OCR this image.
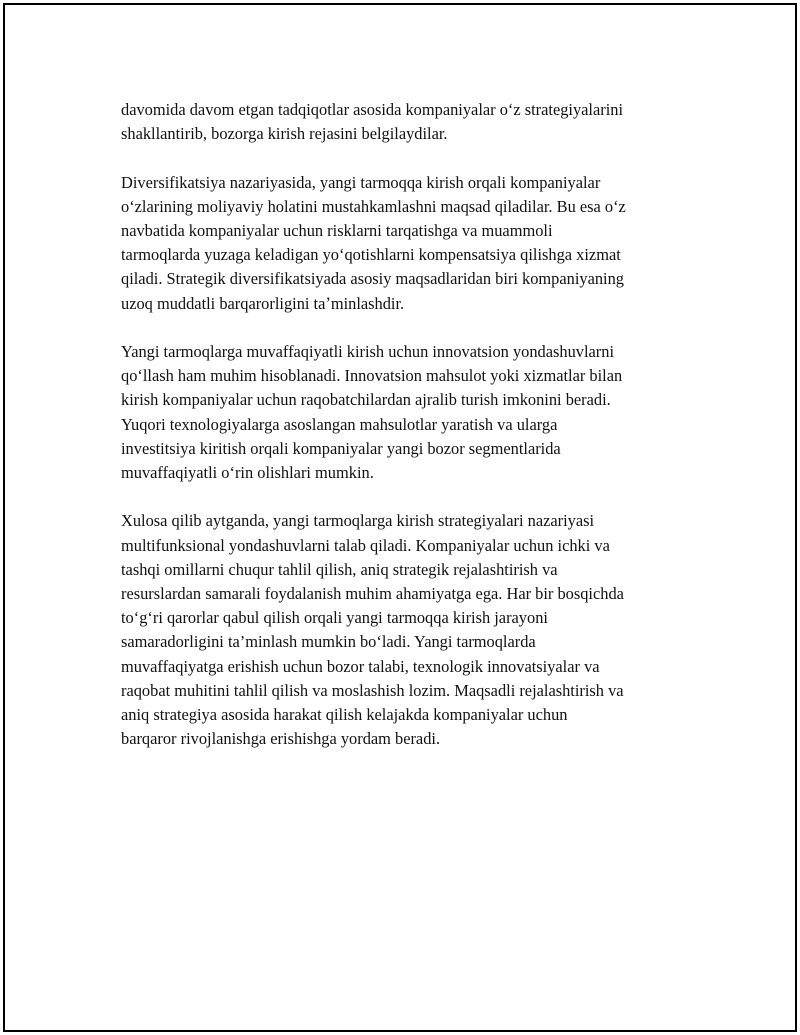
davomida davom etgan tadqiqotlar asosida kompaniyalar o‘z strategiyalarini
shakllantirib, bozorga kirish rejasini belgilaydilar.

Diversifikatsiya nazariyasida, yangi tarmoqqa kirish orqali kompaniyalar
o‘zlarining moliyaviy holatini mustahkamlashni maqsad qiladilar. Bu esa o‘z
navbatida kompaniyalar uchun risklarni tarqatishga va muammoli
tarmoqlarda yuzaga keladigan yo‘qotishlarni kompensatsiya qilishga xizmat
qiladi. Strategik diversifikatsiyada asosiy maqsadlaridan biri kompaniyaning
uzoq muddatli barqarorligini taʼminlashdir.

Yangi tarmoqlarga muvaffaqiyatli kirish uchun innovatsion yondashuvlarni
qo‘llash ham muhim hisoblanadi. Innovatsion mahsulot yoki xizmatlar bilan
kirish kompaniyalar uchun raqobatchilardan ajralib turish imkonini beradi.
Yuqori texnologiyalarga asoslangan mahsulotlar yaratish va ularga
investitsiya kiritish orqali kompaniyalar yangi bozor segmentlarida
muvaffaqiyatli o‘rin olishlari mumkin.

Xulosa qilib aytganda, yangi tarmoqlarga kirish strategiyalari nazariyasi
multifunksional yondashuvlarni talab qiladi. Kompaniyalar uchun ichki va
tashqi omillarni chuqur tahlil qilish, aniq strategik rejalashtirish va
resurslardan samarali foydalanish muhim ahamiyatga ega. Har bir bosqichda
to‘g‘ri qarorlar qabul qilish orqali yangi tarmoqqa kirish jarayoni
samaradorligini ta’minlash mumkin bo‘ladi. Yangi tarmoqlarda
muvaffaqiyatga erishish uchun bozor talabi, texnologik innovatsiyalar va
raqobat muhitini tahlil qilish va moslashish lozim. Maqsadli rejalashtirish va
aniq strategiya asosida harakat qilish kelajakda kompaniyalar uchun
barqaror rivojlanishga erishishga yordam beradi.
